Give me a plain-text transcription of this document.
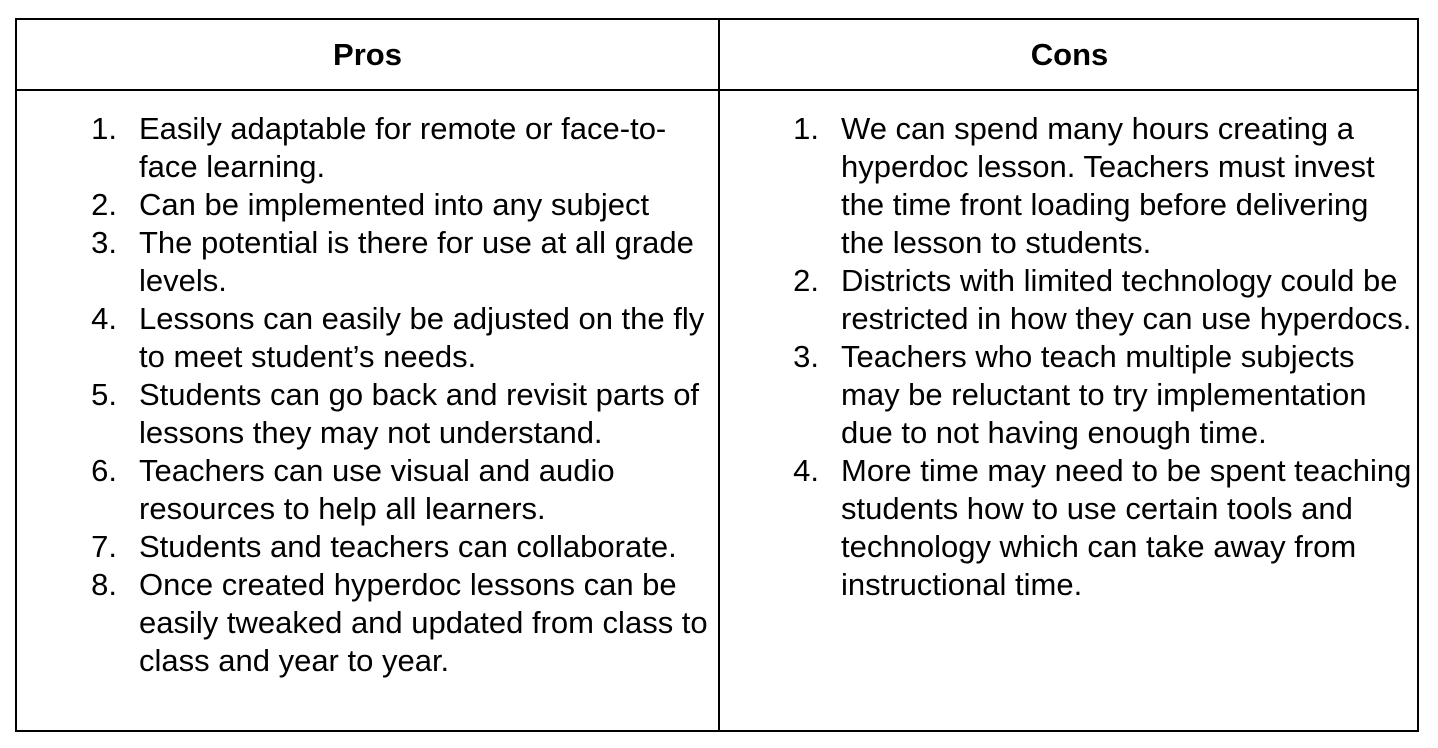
Pros	Cons
1. Easily adaptable for remote or face-to-face learning.
2. Can be implemented into any subject
3. The potential is there for use at all grade levels.
4. Lessons can easily be adjusted on the fly to meet student’s needs.
5. Students can go back and revisit parts of lessons they may not understand.
6. Teachers can use visual and audio resources to help all learners.
7. Students and teachers can collaborate.
8. Once created hyperdoc lessons can be easily tweaked and updated from class to class and year to year.
1. We can spend many hours creating a hyperdoc lesson. Teachers must invest the time front loading before delivering the lesson to students.
2. Districts with limited technology could be restricted in how they can use hyperdocs.
3. Teachers who teach multiple subjects may be reluctant to try implementation due to not having enough time.
4. More time may need to be spent teaching students how to use certain tools and technology which can take away from instructional time.
